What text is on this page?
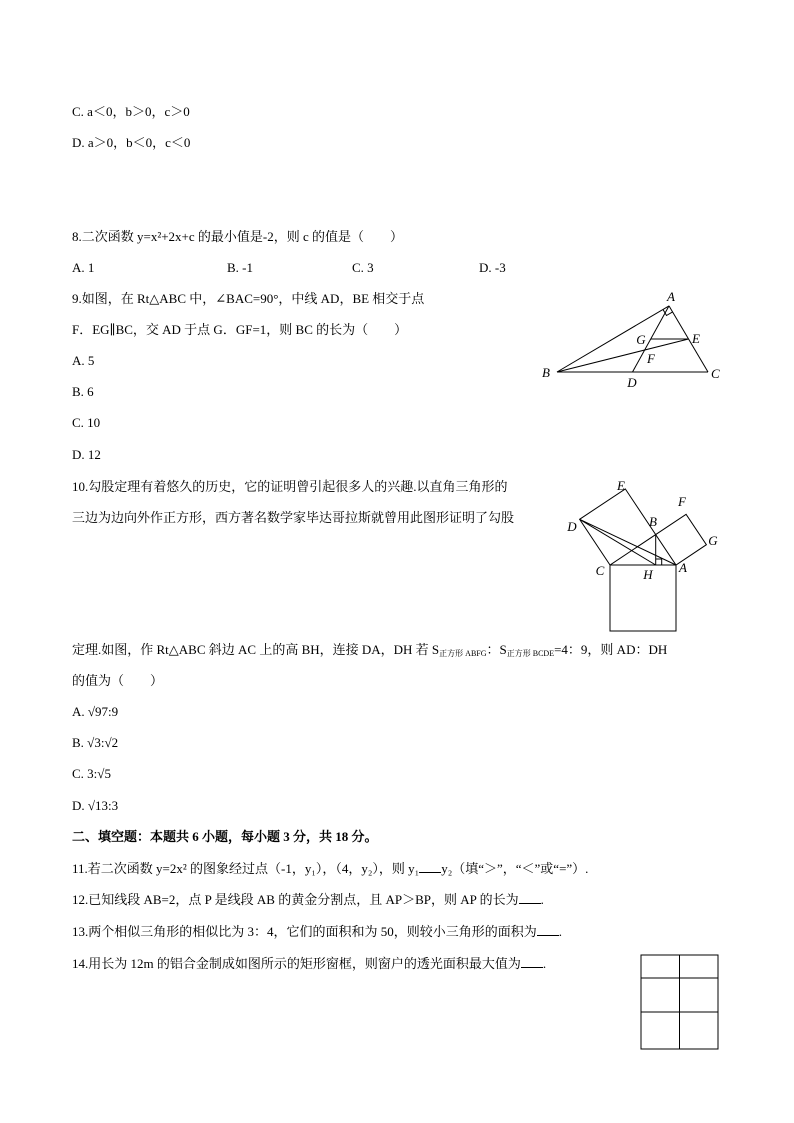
C. a＜0，b＞0，c＞0
D. a＞0，b＜0，c＜0
8.二次函数 y=x²+2x+c 的最小值是-2，则 c 的值是（　　）
A. 1	B. -1	C. 3	D. -3
9.如图，在 Rt△ABC 中，∠BAC=90°，中线 AD，BE 相交于点
F．EG∥BC，交 AD 于点 G．GF=1，则 BC 的长为（　　）
A. 5
B. 6
C. 10
D. 12
A
B	C
D
E
G
F
10.勾股定理有着悠久的历史，它的证明曾引起很多人的兴趣.以直角三角形的
三边为边向外作正方形，西方著名数学家毕达哥拉斯就曾用此图形证明了勾股
E
F
D	B
G
C	H A
定理.如图，作 Rt△ABC 斜边 AC 上的高 BH，连接 DA，DH 若 $S_{正方形 ABFG}$：$S_{正方形 BCDE}=4$：9，则 AD：DH
的值为（　　）
A. √97:9
B. √3:√2
C. 3:√5
D. √13:3
二、填空题：本题共 6 小题，每小题 3 分，共 18 分。
11.若二次函数 y=2x² 的图象经过点（-1，y₁），（4，y₂），则 y₁ y₂（填“＞”，“＜”或“=”）.
12.已知线段 AB=2，点 P 是线段 AB 的黄金分割点，且 AP＞BP，则 AP 的长为 .
13.两个相似三角形的相似比为 3：4，它们的面积和为 50，则较小三角形的面积为 .
14.用长为 12m 的铝合金制成如图所示的矩形窗框，则窗户的透光面积最大值为 .
